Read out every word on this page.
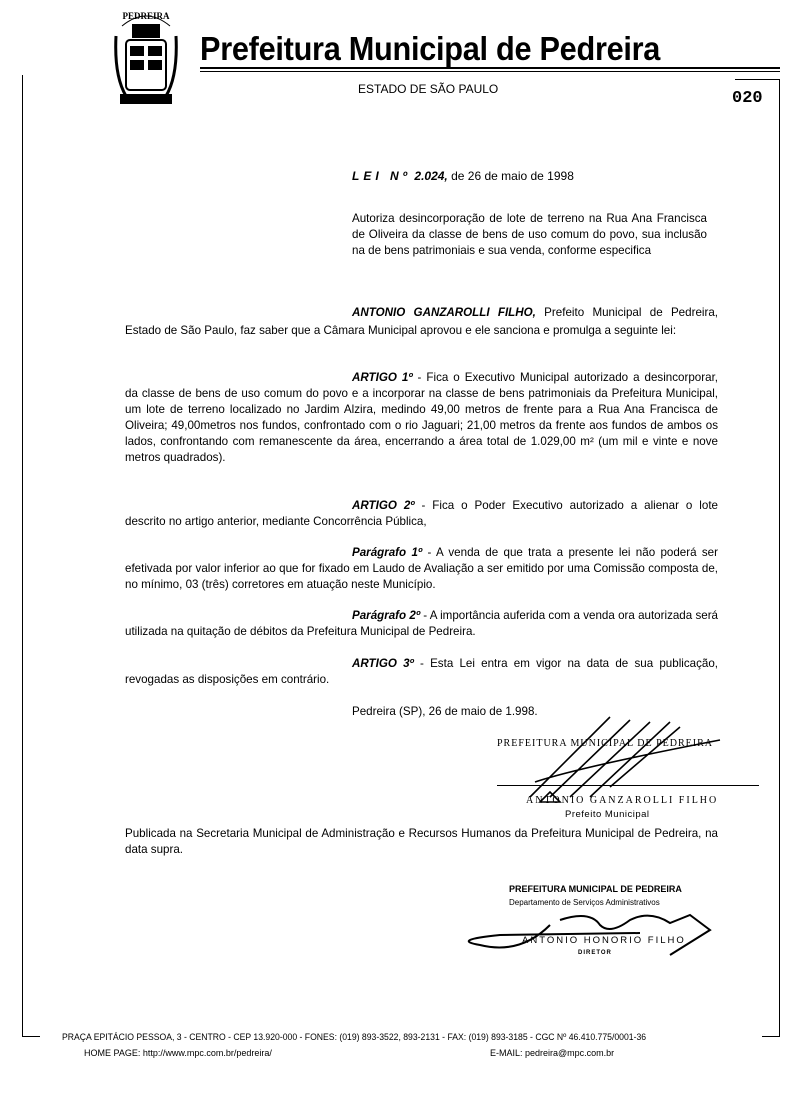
PEDREIRA
Prefeitura Municipal de Pedreira
ESTADO DE SÃO PAULO	020
LEI Nº 2.024, de 26 de maio de 1998
Autoriza desincorporação de lote de terreno na Rua Ana Francisca de Oliveira da classe de bens de uso comum do povo, sua inclusão na de bens patrimoniais e sua venda, conforme especifica
ANTONIO GANZAROLLI FILHO, Prefeito Municipal de Pedreira, Estado de São Paulo, faz saber que a Câmara Municipal aprovou e ele sanciona e promulga a seguinte lei:
ARTIGO 1º - Fica o Executivo Municipal autorizado a desincorporar, da classe de bens de uso comum do povo e a incorporar na classe de bens patrimoniais da Prefeitura Municipal, um lote de terreno localizado no Jardim Alzira, medindo 49,00 metros de frente para a Rua Ana Francisca de Oliveira; 49,00metros nos fundos, confrontado com o rio Jaguari; 21,00 metros da frente aos fundos de ambos os lados, confrontando com remanescente da área, encerrando a área total de 1.029,00 m² (um mil e vinte e nove metros quadrados).
ARTIGO 2º - Fica o Poder Executivo autorizado a alienar o lote descrito no artigo anterior, mediante Concorrência Pública,
Parágrafo 1º - A venda de que trata a presente lei não poderá ser efetivada por valor inferior ao que for fixado em Laudo de Avaliação a ser emitido por uma Comissão composta de, no mínimo, 03 (três) corretores em atuação neste Município.
Parágrafo 2º - A importância auferida com a venda ora autorizada será utilizada na quitação de débitos da Prefeitura Municipal de Pedreira.
ARTIGO 3º - Esta Lei entra em vigor na data de sua publicação, revogadas as disposições em contrário.
Pedreira (SP), 26 de maio de 1.998.
PREFEITURA MUNICIPAL DE PEDREIRA
ANTONIO GANZAROLLI FILHO
Prefeito Municipal
Publicada na Secretaria Municipal de Administração e Recursos Humanos da Prefeitura Municipal de Pedreira, na data supra.
PREFEITURA MUNICIPAL DE PEDREIRA
Departamento de Serviços Administrativos
ANTONIO HONORIO FILHO
DIRETOR
PRAÇA EPITÁCIO PESSOA, 3 - CENTRO - CEP 13.920-000 - FONES: (019) 893-3522, 893-2131 - FAX: (019) 893-3185 - CGC Nº 46.410.775/0001-36
HOME PAGE: http://www.mpc.com.br/pedreira/	E-MAIL: pedreira@mpc.com.br
